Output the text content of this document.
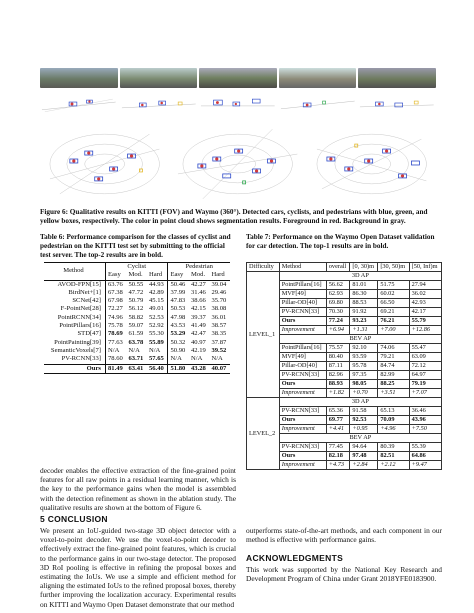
Figure 6: Qualitative results on KITTI (FOV) and Waymo (360°). Detected cars, cyclists, and pedestrians with blue, green, and yellow boxes, respectively. The color in point cloud shows segmentation results. Foreground in red. Background in gray.
Table 6: Performance comparison for the classes of cyclist and pedestrian on the KITTI test set by submitting to the official test server. The top-2 results are in bold.
Method	Cyclist			Pedestrian		
	Easy	Mod.	Hard	Easy	Mod.	Hard
AVOD-FPN[15]	63.76	50.55	44.93	50.46	42.27	39.04
BirdNet+[1]	67.38	47.72	42.89	37.99	31.46	29.46
SCNet[42]	67.98	50.79	45.15	47.83	38.66	35.70
F-PointNet[28]	72.27	56.12	49.01	50.53	42.15	38.08
PointRCNN[34]	74.96	58.82	52.53	47.98	39.37	36.01
PointPillars[16]	75.78	59.07	52.92	43.53	41.49	38.57
STD[47]	78.69	61.59	55.30	53.29	42.47	38.35
PointPainting[39]	77.63	63.78	55.89	50.32	40.97	37.87
SemanticVoxels[7]	N/A	N/A	N/A	50.90	42.19	39.52
PV-RCNN[33]	78.60	63.71	57.65	N/A	N/A	N/A
Ours	81.49	63.41	56.40	51.80	43.28	40.07
Table 7: Performance on the Waymo Open Dataset validation for car detection. The top-1 results are in bold.
Difficulty	Method	overall	[0, 30)m	[30, 50)m	[50, Inf)m
LEVEL_1	3D AP				
	PointPillars[16]	56.62	81.01	51.75	27.94
	MVF[49]	62.93	86.30	60.02	36.02
	Pillar-OD[40]	69.80	88.53	66.50	42.93
	PV-RCNN[33]	70.30	91.92	69.21	42.17
	Ours	77.24	93.23	76.21	55.79
	Improvement	+6.94	+1.31	+7.00	+12.86
	BEV AP				
	PointPillars[16]	75.57	92.10	74.06	55.47
	MVF[49]	80.40	93.59	79.21	63.09
	Pillar-OD[40]	87.11	95.78	84.74	72.12
	PV-RCNN[33]	82.96	97.35	82.99	64.97
	Ours	88.93	98.05	88.25	79.19
	Improvement	+1.82	+0.70	+3.51	+7.07
LEVEL_2	3D AP				
	PV-RCNN[33]	65.36	91.58	65.13	36.46
	Ours	69.77	92.53	70.09	43.96
	Improvement	+4.41	+0.95	+4.96	+7.50
	BEV AP				
	PV-RCNN[33]	77.45	94.64	80.39	55.39
	Ours	82.18	97.48	82.51	64.86
	Improvement	+4.73	+2.84	+2.12	+9.47
decoder enables the effective extraction of the fine-grained point features for all raw points in a residual learning manner, which is the key to the performance gains when the model is assembled with the detection refinement as shown in the ablation study. The qualitative results are shown at the bottom of Figure 6.
5 CONCLUSION
We present an IoU-guided two-stage 3D object detector with a voxel-to-point decoder. We use the voxel-to-point decoder to effectively extract the fine-grained point features, which is crucial to the performance gains in our two-stage detector. The proposed 3D RoI pooling is effective in refining the proposal boxes and estimating the IoUs. We use a simple and efficient method for aligning the estimated IoUs to the refined proposal boxes, thereby further improving the localization accuracy. Experimental results on KITTI and Waymo Open Dataset demonstrate that our method
outperforms state-of-the-art methods, and each component in our method is effective with performance gains.
ACKNOWLEDGMENTS
This work was supported by the National Key Research and Development Program of China under Grant 2018YFE0183900.
